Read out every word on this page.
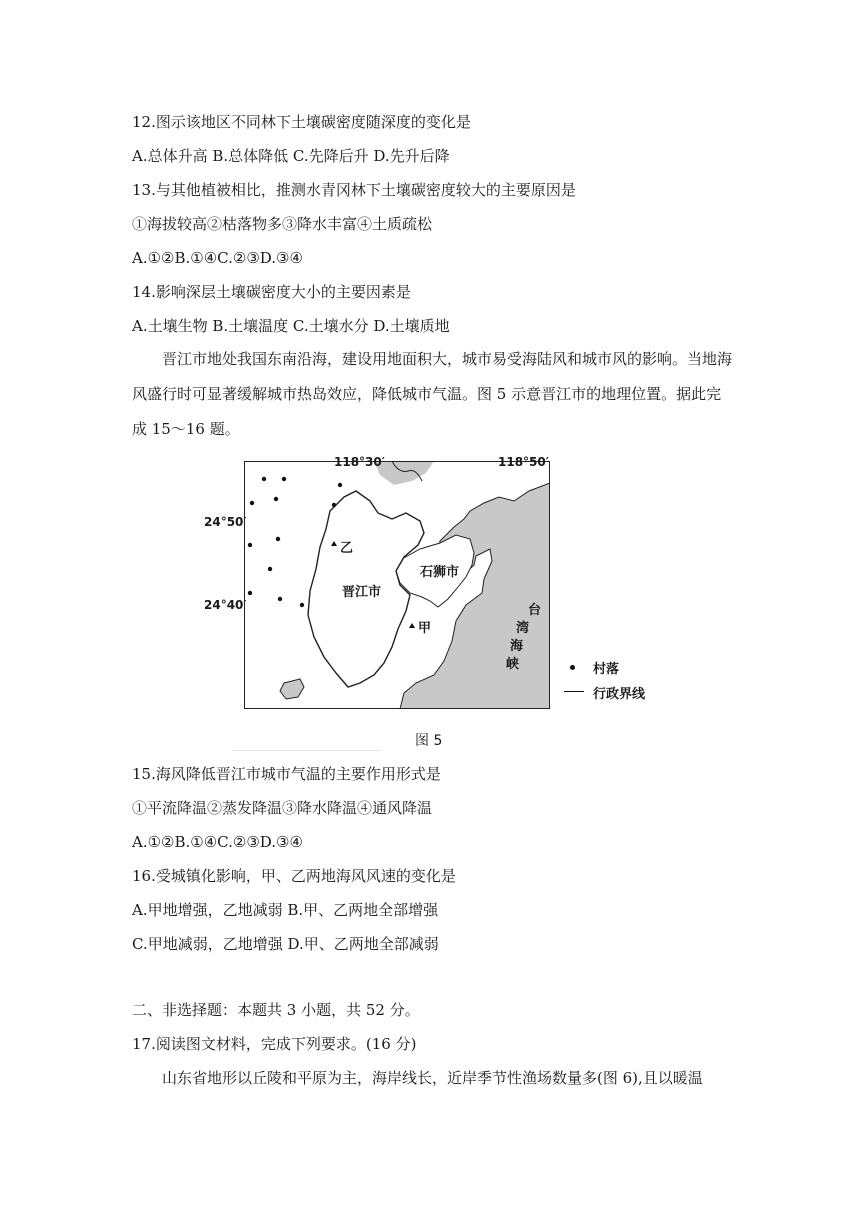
12.图示该地区不同林下土壤碳密度随深度的变化是
A.总体升高 B.总体降低 C.先降后升 D.先升后降
13.与其他植被相比，推测水青冈林下土壤碳密度较大的主要原因是
①海拔较高②枯落物多③降水丰富④土质疏松
A.①②B.①④C.②③D.③④
14.影响深层土壤碳密度大小的主要因素是
A.土壤生物 B.土壤温度 C.土壤水分 D.土壤质地
晋江市地处我国东南沿海，建设用地面积大，城市易受海陆风和城市风的影响。当地海风盛行时可显著缓解城市热岛效应，降低城市气温。图 5 示意晋江市的地理位置。据此完成 15～16 题。
118°30′	118°50′
24°50′
24°40′
乙
晋江市
石狮市
甲
台
湾
海
峡	村落
行政界线
图 5
15.海风降低晋江市城市气温的主要作用形式是
①平流降温②蒸发降温③降水降温④通风降温
A.①②B.①④C.②③D.③④
16.受城镇化影响，甲、乙两地海风风速的变化是
A.甲地增强，乙地减弱 B.甲、乙两地全部增强
C.甲地减弱，乙地增强 D.甲、乙两地全部减弱
二、非选择题：本题共 3 小题，共 52 分。
17.阅读图文材料，完成下列要求。(16 分)
山东省地形以丘陵和平原为主，海岸线长，近岸季节性渔场数量多(图 6),且以暖温
